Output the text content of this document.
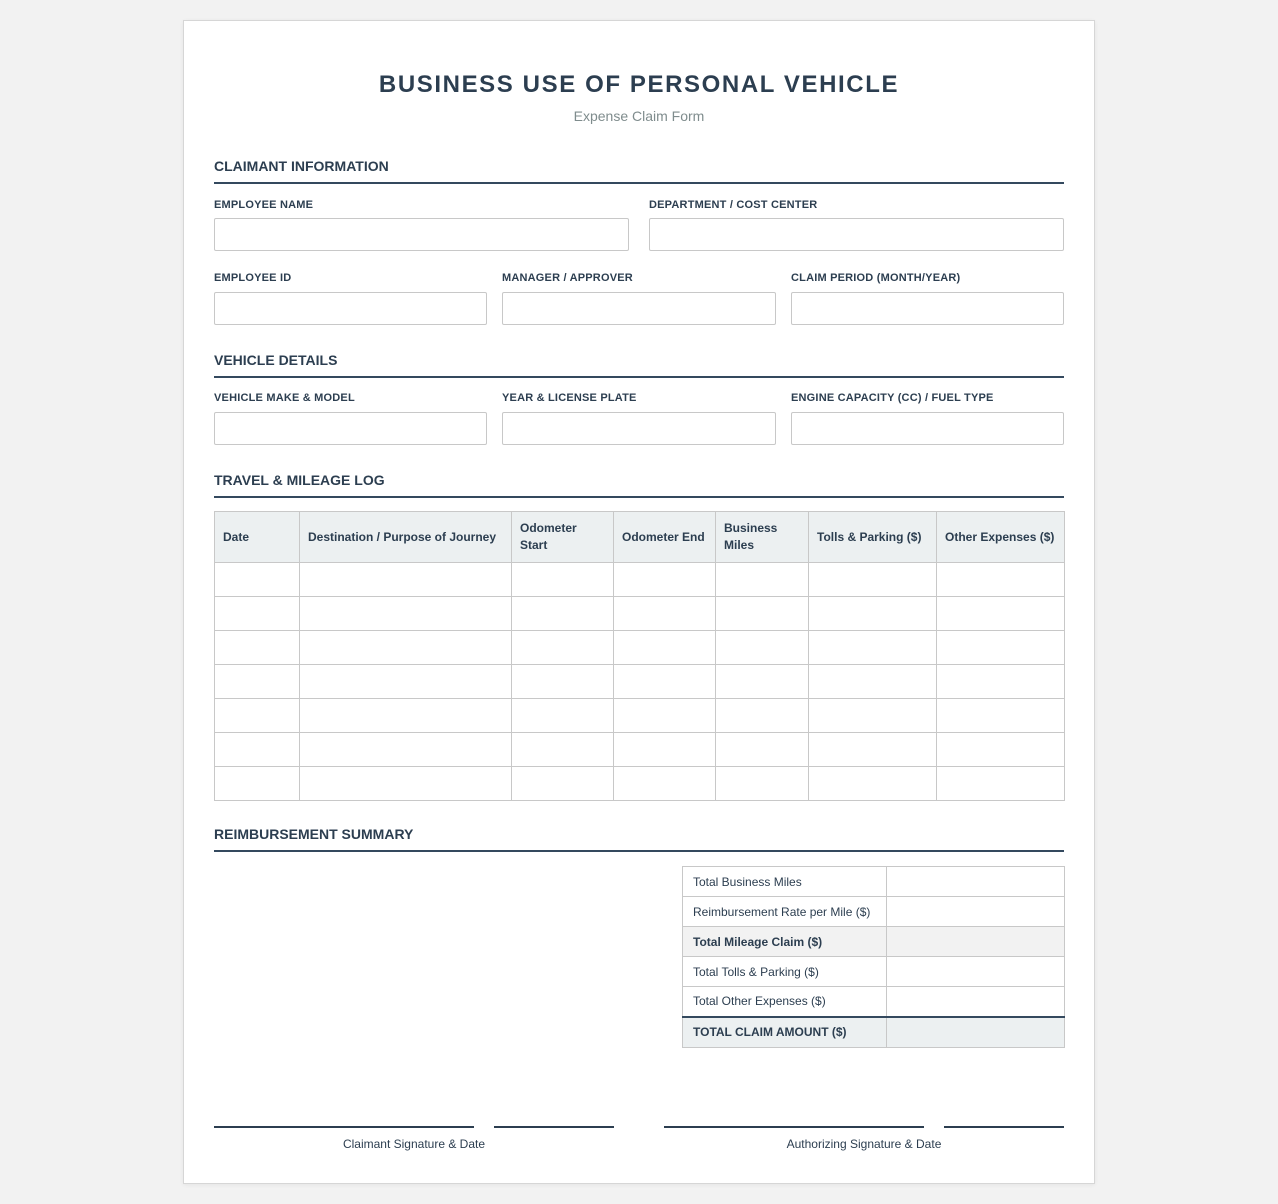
BUSINESS USE OF PERSONAL VEHICLE
Expense Claim Form
CLAIMANT INFORMATION
EMPLOYEE NAME	DEPARTMENT / COST CENTER
EMPLOYEE ID	MANAGER / APPROVER	CLAIM PERIOD (MONTH/YEAR)
VEHICLE DETAILS
VEHICLE MAKE & MODEL	YEAR & LICENSE PLATE	ENGINE CAPACITY (CC) / FUEL TYPE
TRAVEL & MILEAGE LOG
Date	Destination / Purpose of Journey	Odometer Start	Odometer End	Business Miles	Tolls & Parking ($)	Other Expenses ($)

REIMBURSEMENT SUMMARY
Total Business Miles	
Reimbursement Rate per Mile ($)	
Total Mileage Claim ($)	
Total Tolls & Parking ($)	
Total Other Expenses ($)	
TOTAL CLAIM AMOUNT ($)	
Claimant Signature & Date	Authorizing Signature & Date
